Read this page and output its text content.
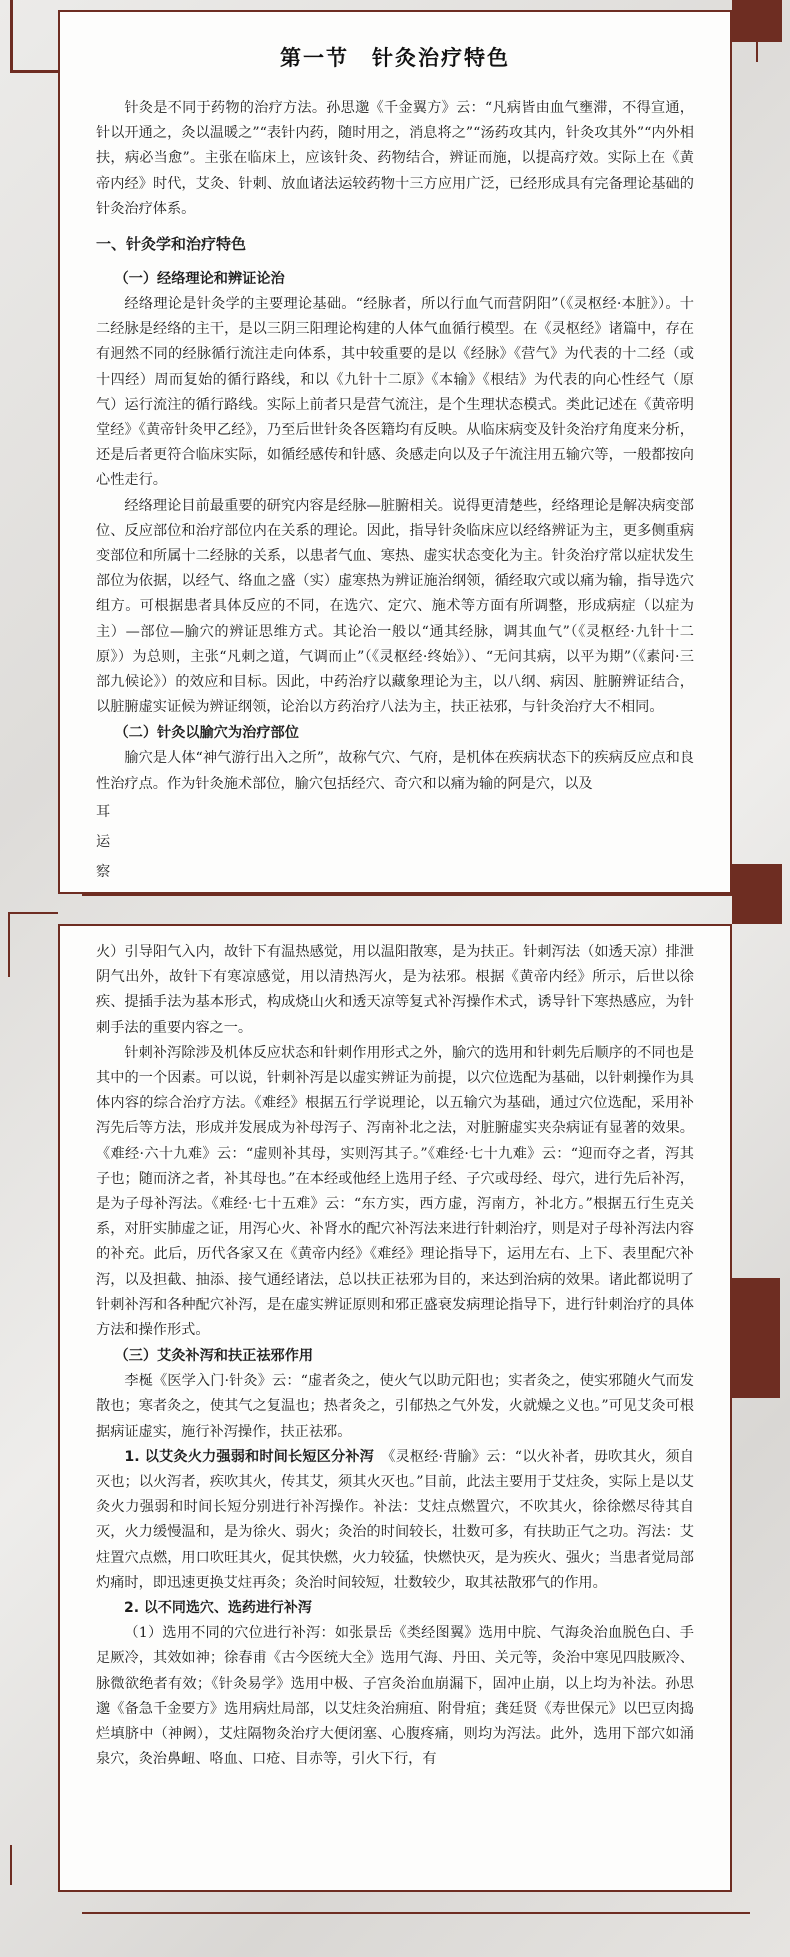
第一节　针灸治疗特色

针灸是不同于药物的治疗方法。孙思邈《千金翼方》云：“凡病皆由血气壅滞，不得宣通，针以开通之，灸以温暖之”“表针内药，随时用之，消息将之”“汤药攻其内，针灸攻其外”“内外相扶，病必当愈”。主张在临床上，应该针灸、药物结合，辨证而施，以提高疗效。实际上在《黄帝内经》时代，艾灸、针刺、放血诸法运较药物十三方应用广泛，已经形成具有完备理论基础的针灸治疗体系。

一、针灸学和治疗特色
（一）经络理论和辨证论治

经络理论是针灸学的主要理论基础。“经脉者，所以行血气而营阴阳”（《灵枢经·本脏》）。十二经脉是经络的主干，是以三阴三阳理论构建的人体气血循行模型。在《灵枢经》诸篇中，存在有迥然不同的经脉循行流注走向体系，其中较重要的是以《经脉》《营气》为代表的十二经（或十四经）周而复始的循行路线，和以《九针十二原》《本输》《根结》为代表的向心性经气（原气）运行流注的循行路线。实际上前者只是营气流注，是个生理状态模式。类此记述在《黄帝明堂经》《黄帝针灸甲乙经》，乃至后世针灸各医籍均有反映。从临床病变及针灸治疗角度来分析，还是后者更符合临床实际，如循经感传和针感、灸感走向以及子午流注用五输穴等，一般都按向心性走行。

经络理论目前最重要的研究内容是经脉—脏腑相关。说得更清楚些，经络理论是解决病变部位、反应部位和治疗部位内在关系的理论。因此，指导针灸临床应以经络辨证为主，更多侧重病变部位和所属十二经脉的关系，以患者气血、寒热、虚实状态变化为主。针灸治疗常以症状发生部位为依据，以经气、络血之盛（实）虚寒热为辨证施治纲领，循经取穴或以痛为输，指导选穴组方。可根据患者具体反应的不同，在选穴、定穴、施术等方面有所调整，形成病症（以症为主）—部位—腧穴的辨证思维方式。其论治一般以“通其经脉，调其血气”（《灵枢经·九针十二原》）为总则，主张“凡刺之道，气调而止”（《灵枢经·终始》）、“无问其病，以平为期”（《素问·三部九候论》）的效应和目标。因此，中药治疗以藏象理论为主，以八纲、病因、脏腑辨证结合，以脏腑虚实证候为辨证纲领，论治以方药治疗八法为主，扶正祛邪，与针灸治疗大不相同。

（二）针灸以腧穴为治疗部位

腧穴是人体“神气游行出入之所”，故称气穴、气府，是机体在疾病状态下的疾病反应点和良性治疗点。作为针灸施术部位，腧穴包括经穴、奇穴和以痛为输的阿是穴，以及

耳
运
察

火）引导阳气入内，故针下有温热感觉，用以温阳散寒，是为扶正。针刺泻法（如透天凉）排泄阴气出外，故针下有寒凉感觉，用以清热泻火，是为祛邪。根据《黄帝内经》所示，后世以徐疾、提插手法为基本形式，构成烧山火和透天凉等复式补泻操作术式，诱导针下寒热感应，为针刺手法的重要内容之一。

针刺补泻除涉及机体反应状态和针刺作用形式之外，腧穴的选用和针刺先后顺序的不同也是其中的一个因素。可以说，针刺补泻是以虚实辨证为前提，以穴位选配为基础，以针刺操作为具体内容的综合治疗方法。《难经》根据五行学说理论，以五输穴为基础，通过穴位选配，采用补泻先后等方法，形成并发展成为补母泻子、泻南补北之法，对脏腑虚实夹杂病证有显著的效果。《难经·六十九难》云：“虚则补其母，实则泻其子。”《难经·七十九难》云：“迎而夺之者，泻其子也；随而济之者，补其母也。”在本经或他经上选用子经、子穴或母经、母穴，进行先后补泻，是为子母补泻法。《难经·七十五难》云：“东方实，西方虚，泻南方，补北方。”根据五行生克关系，对肝实肺虚之证，用泻心火、补肾水的配穴补泻法来进行针刺治疗，则是对子母补泻法内容的补充。此后，历代各家又在《黄帝内经》《难经》理论指导下，运用左右、上下、表里配穴补泻，以及担截、抽添、接气通经诸法，总以扶正祛邪为目的，来达到治病的效果。诸此都说明了针刺补泻和各种配穴补泻，是在虚实辨证原则和邪正盛衰发病理论指导下，进行针刺治疗的具体方法和操作形式。

（三）艾灸补泻和扶正祛邪作用

李梴《医学入门·针灸》云：“虚者灸之，使火气以助元阳也；实者灸之，使实邪随火气而发散也；寒者灸之，使其气之复温也；热者灸之，引郁热之气外发，火就燥之义也。”可见艾灸可根据病证虚实，施行补泻操作，扶正祛邪。

1. 以艾灸火力强弱和时间长短区分补泻　 《灵枢经·背腧》云：“以火补者，毋吹其火，须自灭也；以火泻者，疾吹其火，传其艾，须其火灭也。”目前，此法主要用于艾炷灸，实际上是以艾灸火力强弱和时间长短分别进行补泻操作。补法：艾炷点燃置穴，不吹其火，徐徐燃尽待其自灭，火力缓慢温和，是为徐火、弱火；灸治的时间较长，壮数可多，有扶助正气之功。泻法：艾炷置穴点燃，用口吹旺其火，促其快燃，火力较猛，快燃快灭，是为疾火、强火；当患者觉局部灼痛时，即迅速更换艾炷再灸；灸治时间较短，壮数较少，取其祛散邪气的作用。

2. 以不同选穴、选药进行补泻

（1）选用不同的穴位进行补泻：如张景岳《类经图翼》选用中脘、气海灸治血脱色白、手足厥冷，其效如神；徐春甫《古今医统大全》选用气海、丹田、关元等，灸治中寒见四肢厥冷、脉微欲绝者有效；《针灸易学》选用中极、子宫灸治血崩漏下，固冲止崩，以上均为补法。孙思邈《备急千金要方》选用病灶局部，以艾炷灸治痈疽、附骨疽；龚廷贤《寿世保元》以巴豆肉捣烂填脐中（神阙），艾炷隔物灸治疗大便闭塞、心腹疼痛，则均为泻法。此外，选用下部穴如涌泉穴，灸治鼻衄、咯血、口疮、目赤等，引火下行，有
